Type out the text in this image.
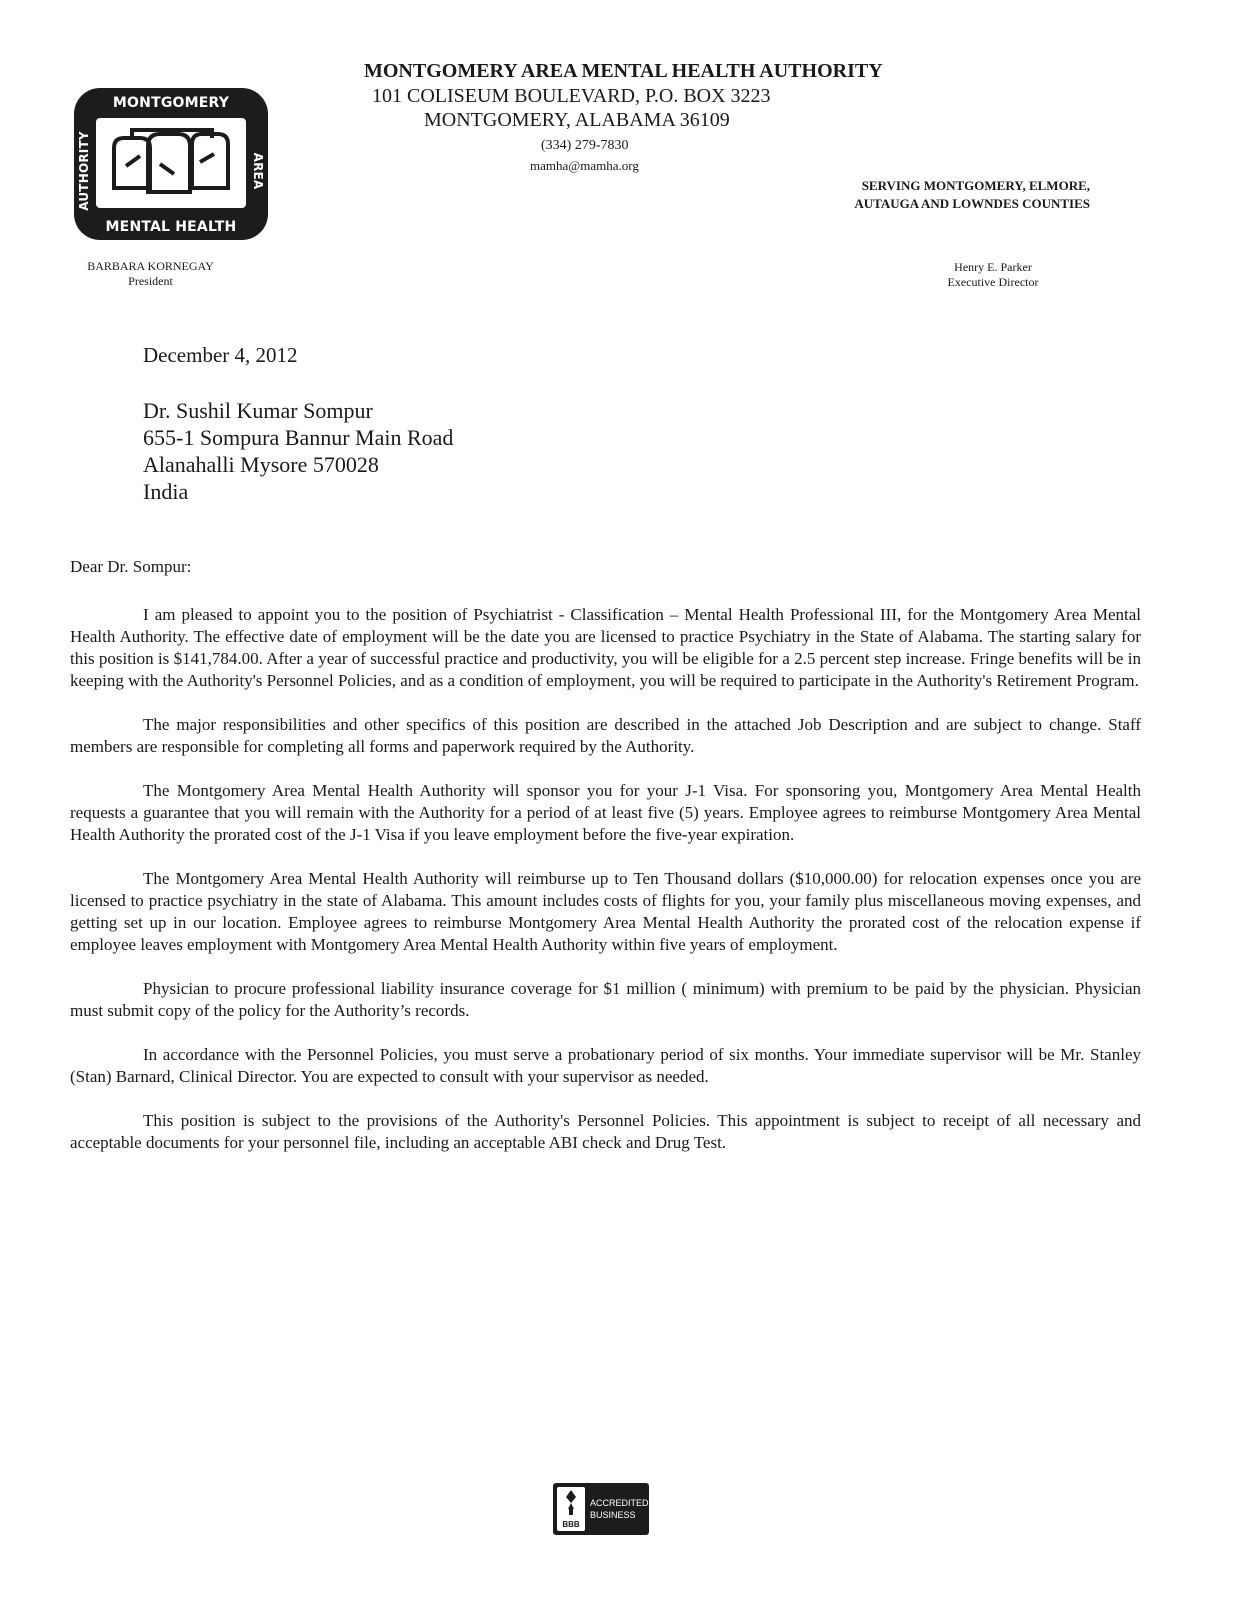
MONTGOMERY
AUTHORITY	AREA
MENTAL HEALTH
MONTGOMERY AREA MENTAL HEALTH AUTHORITY
101 COLISEUM BOULEVARD, P.O. BOX 3223
MONTGOMERY, ALABAMA 36109
(334) 279-7830
mamha@mamha.org
SERVING MONTGOMERY, ELMORE,
AUTAUGA AND LOWNDES COUNTIES
BARBARA KORNEGAY
President
Henry E. Parker
Executive Director
December 4, 2012
Dr. Sushil Kumar Sompur
655-1 Sompura Bannur Main Road
Alanahalli Mysore 570028
India
Dear Dr. Sompur:

I am pleased to appoint you to the position of Psychiatrist - Classification – Mental Health Professional III, for the Montgomery Area Mental Health Authority. The effective date of employment will be the date you are licensed to practice Psychiatry in the State of Alabama. The starting salary for this position is $141,784.00. After a year of successful practice and productivity, you will be eligible for a 2.5 percent step increase. Fringe benefits will be in keeping with the Authority's Personnel Policies, and as a condition of employment, you will be required to participate in the Authority's Retirement Program.

The major responsibilities and other specifics of this position are described in the attached Job Description and are subject to change. Staff members are responsible for completing all forms and paperwork required by the Authority.

The Montgomery Area Mental Health Authority will sponsor you for your J-1 Visa. For sponsoring you, Montgomery Area Mental Health requests a guarantee that you will remain with the Authority for a period of at least five (5) years. Employee agrees to reimburse Montgomery Area Mental Health Authority the prorated cost of the J-1 Visa if you leave employment before the five-year expiration.

The Montgomery Area Mental Health Authority will reimburse up to Ten Thousand dollars ($10,000.00) for relocation expenses once you are licensed to practice psychiatry in the state of Alabama. This amount includes costs of flights for you, your family plus miscellaneous moving expenses, and getting set up in our location. Employee agrees to reimburse Montgomery Area Mental Health Authority the prorated cost of the relocation expense if employee leaves employment with Montgomery Area Mental Health Authority within five years of employment.

Physician to procure professional liability insurance coverage for $1 million ( minimum) with premium to be paid by the physician. Physician must submit copy of the policy for the Authority’s records.

In accordance with the Personnel Policies, you must serve a probationary period of six months. Your immediate supervisor will be Mr. Stanley (Stan) Barnard, Clinical Director. You are expected to consult with your supervisor as needed.

This position is subject to the provisions of the Authority's Personnel Policies. This appointment is subject to receipt of all necessary and acceptable documents for your personnel file, including an acceptable ABI check and Drug Test.

BBB
ACCREDITED
BUSINESS
